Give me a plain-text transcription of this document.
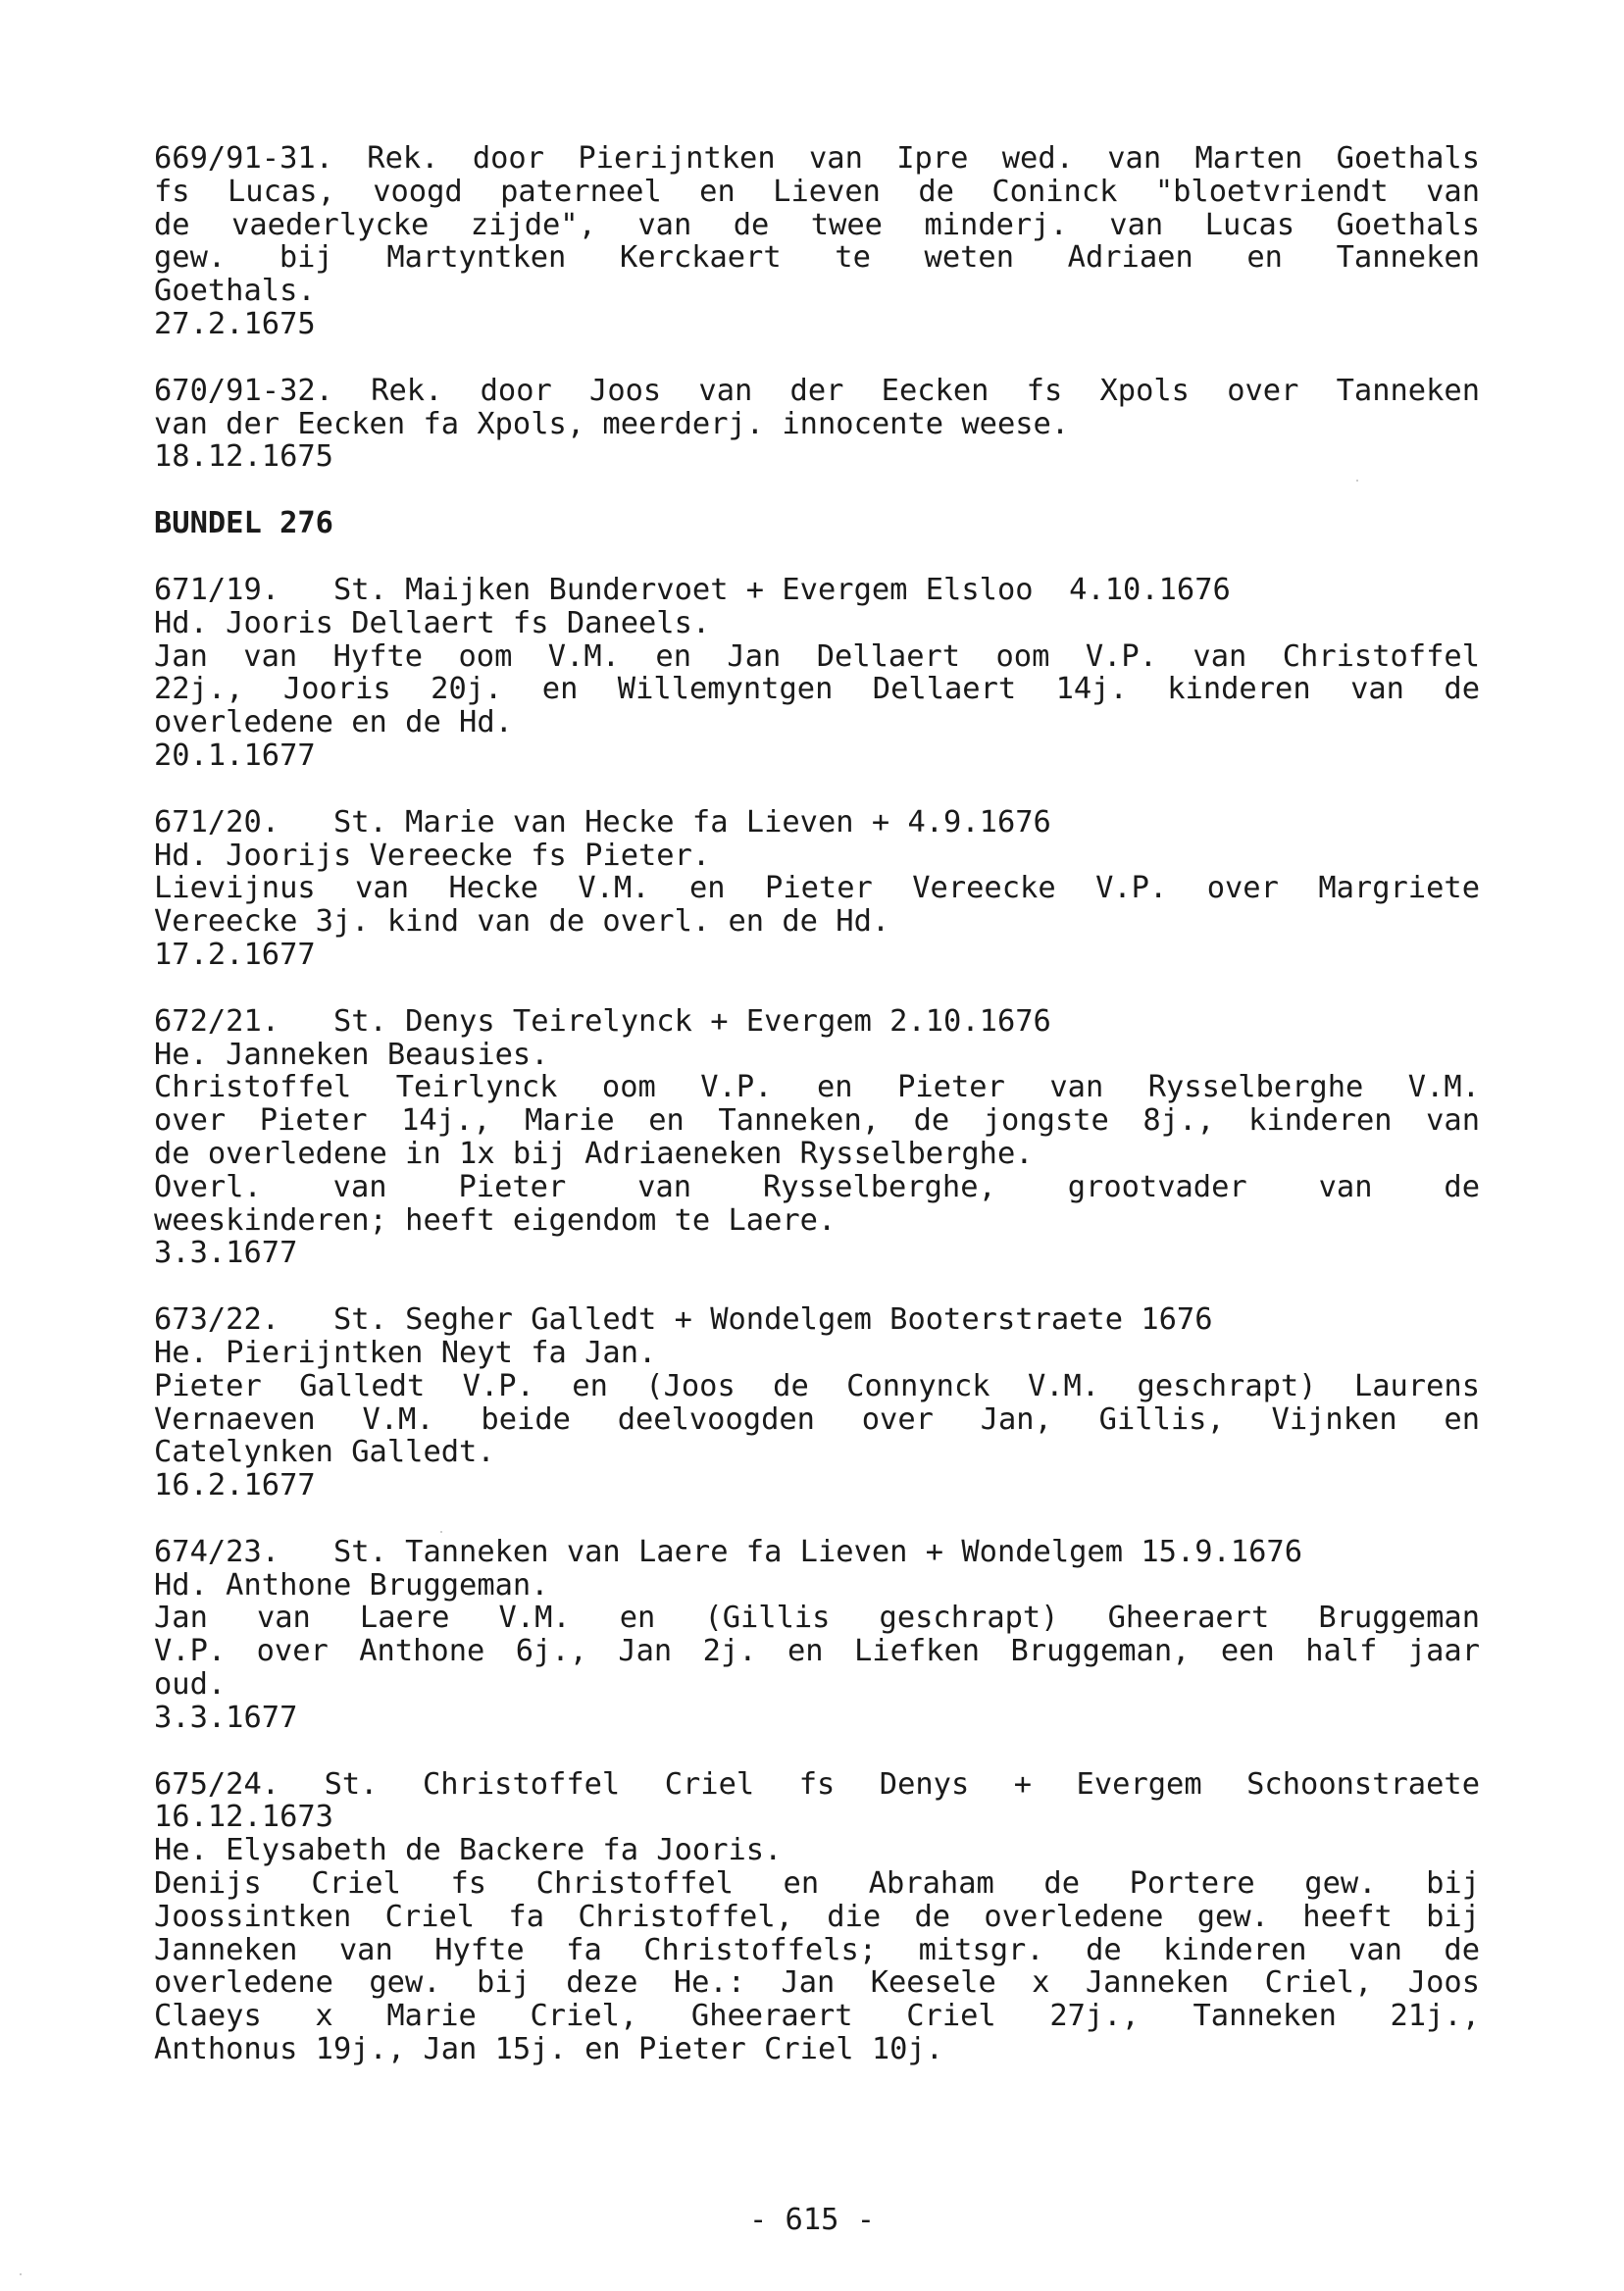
669/91-31. Rek. door Pierijntken van Ipre wed. van Marten Goethals
fs Lucas, voogd paterneel en Lieven de Coninck "bloetvriendt van
de vaederlycke zijde", van de twee minderj. van Lucas Goethals
gew. bij Martyntken Kerckaert te weten Adriaen en Tanneken
Goethals.
27.2.1675
670/91-32. Rek. door Joos van der Eecken fs Xpols over Tanneken
van der Eecken fa Xpols, meerderj. innocente weese.
18.12.1675
BUNDEL 276
671/19.   St. Maijken Bundervoet + Evergem Elsloo  4.10.1676
Hd. Jooris Dellaert fs Daneels.
Jan van Hyfte oom V.M. en Jan Dellaert oom V.P. van Christoffel
22j., Jooris 20j. en Willemyntgen Dellaert 14j. kinderen van de
overledene en de Hd.
20.1.1677
671/20.   St. Marie van Hecke fa Lieven + 4.9.1676
Hd. Joorijs Vereecke fs Pieter.
Lievijnus van Hecke V.M. en Pieter Vereecke V.P. over Margriete
Vereecke 3j. kind van de overl. en de Hd.
17.2.1677
672/21.   St. Denys Teirelynck + Evergem 2.10.1676
He. Janneken Beausies.
Christoffel Teirlynck oom V.P. en Pieter van Rysselberghe V.M.
over Pieter 14j., Marie en Tanneken, de jongste 8j., kinderen van
de overledene in 1x bij Adriaeneken Rysselberghe.
Overl. van Pieter van Rysselberghe, grootvader van de
weeskinderen; heeft eigendom te Laere.
3.3.1677
673/22.   St. Segher Galledt + Wondelgem Booterstraete 1676
He. Pierijntken Neyt fa Jan.
Pieter Galledt V.P. en (Joos de Connynck V.M. geschrapt) Laurens
Vernaeven V.M. beide deelvoogden over Jan, Gillis, Vijnken en
Catelynken Galledt.
16.2.1677
674/23.   St. Tanneken van Laere fa Lieven + Wondelgem 15.9.1676
Hd. Anthone Bruggeman.
Jan van Laere V.M. en (Gillis geschrapt) Gheeraert Bruggeman
V.P. over Anthone 6j., Jan 2j. en Liefken Bruggeman, een half jaar
oud.
3.3.1677
675/24. St. Christoffel Criel fs Denys + Evergem Schoonstraete
16.12.1673
He. Elysabeth de Backere fa Jooris.
Denijs Criel fs Christoffel en Abraham de Portere gew. bij
Joossintken Criel fa Christoffel, die de overledene gew. heeft bij
Janneken van Hyfte fa Christoffels; mitsgr. de kinderen van de
overledene gew. bij deze He.: Jan Keesele x Janneken Criel, Joos
Claeys x Marie Criel, Gheeraert Criel 27j., Tanneken 21j.,
Anthonus 19j., Jan 15j. en Pieter Criel 10j.
- 615 -
